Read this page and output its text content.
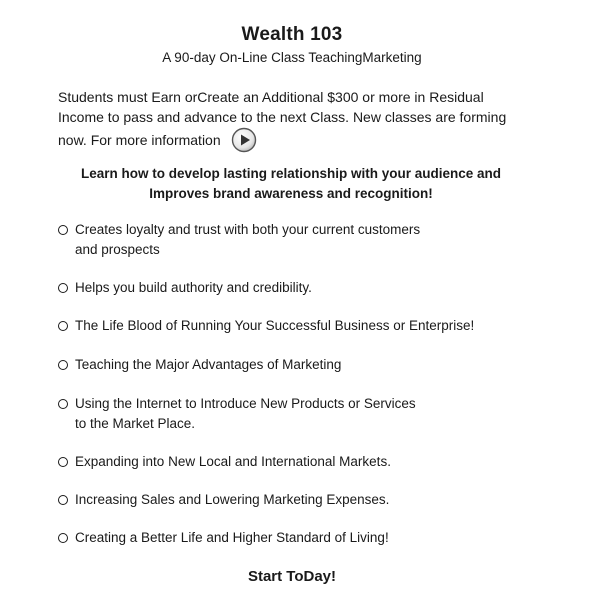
Wealth 103
A 90-day On-Line Class TeachingMarketing
Students must Earn orCreate an Additional $300 or more in Residual Income to pass and advance to the next Class. New classes are forming now. For more information
Learn how to develop lasting relationship with your audience and
Improves brand awareness and recognition!
Creates loyalty and trust with both your current customers
and prospects
Helps you build authority and credibility.
The Life Blood of Running Your Successful Business or Enterprise!
Teaching the Major Advantages of Marketing
Using the Internet to Introduce New Products or Services
to the Market Place.
Expanding into New Local and International Markets.
Increasing Sales and Lowering Marketing Expenses.
Creating a Better Life and Higher Standard of Living!
Start ToDay!
